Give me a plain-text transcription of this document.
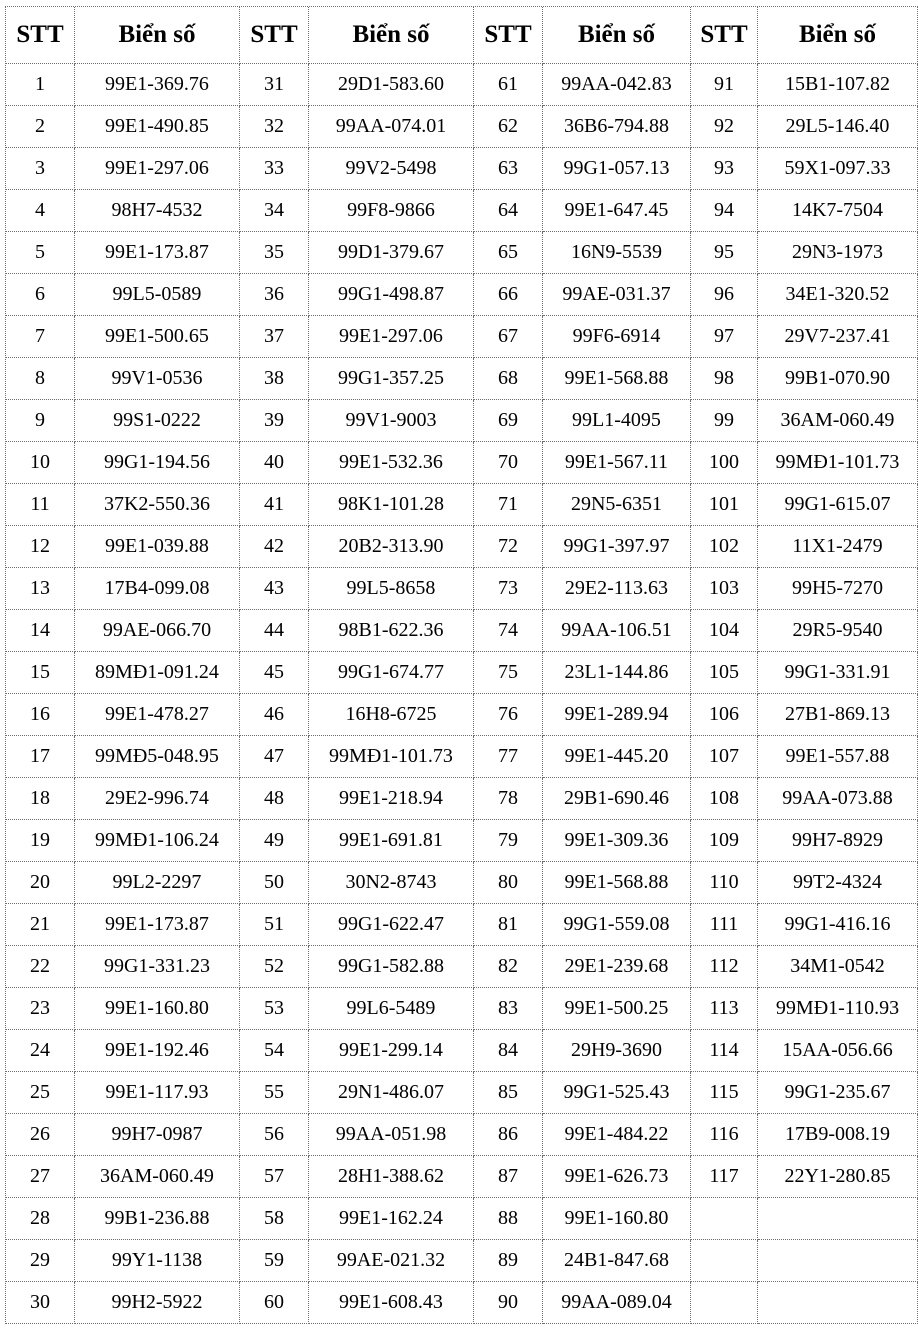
STT	Biển số	STT	Biển số	STT	Biển số	STT	Biển số
1	99E1-369.76	31	29D1-583.60	61	99AA-042.83	91	15B1-107.82
2	99E1-490.85	32	99AA-074.01	62	36B6-794.88	92	29L5-146.40
3	99E1-297.06	33	99V2-5498	63	99G1-057.13	93	59X1-097.33
4	98H7-4532	34	99F8-9866	64	99E1-647.45	94	14K7-7504
5	99E1-173.87	35	99D1-379.67	65	16N9-5539	95	29N3-1973
6	99L5-0589	36	99G1-498.87	66	99AE-031.37	96	34E1-320.52
7	99E1-500.65	37	99E1-297.06	67	99F6-6914	97	29V7-237.41
8	99V1-0536	38	99G1-357.25	68	99E1-568.88	98	99B1-070.90
9	99S1-0222	39	99V1-9003	69	99L1-4095	99	36AM-060.49
10	99G1-194.56	40	99E1-532.36	70	99E1-567.11	100	99MĐ1-101.73
11	37K2-550.36	41	98K1-101.28	71	29N5-6351	101	99G1-615.07
12	99E1-039.88	42	20B2-313.90	72	99G1-397.97	102	11X1-2479
13	17B4-099.08	43	99L5-8658	73	29E2-113.63	103	99H5-7270
14	99AE-066.70	44	98B1-622.36	74	99AA-106.51	104	29R5-9540
15	89MĐ1-091.24	45	99G1-674.77	75	23L1-144.86	105	99G1-331.91
16	99E1-478.27	46	16H8-6725	76	99E1-289.94	106	27B1-869.13
17	99MĐ5-048.95	47	99MĐ1-101.73	77	99E1-445.20	107	99E1-557.88
18	29E2-996.74	48	99E1-218.94	78	29B1-690.46	108	99AA-073.88
19	99MĐ1-106.24	49	99E1-691.81	79	99E1-309.36	109	99H7-8929
20	99L2-2297	50	30N2-8743	80	99E1-568.88	110	99T2-4324
21	99E1-173.87	51	99G1-622.47	81	99G1-559.08	111	99G1-416.16
22	99G1-331.23	52	99G1-582.88	82	29E1-239.68	112	34M1-0542
23	99E1-160.80	53	99L6-5489	83	99E1-500.25	113	99MĐ1-110.93
24	99E1-192.46	54	99E1-299.14	84	29H9-3690	114	15AA-056.66
25	99E1-117.93	55	29N1-486.07	85	99G1-525.43	115	99G1-235.67
26	99H7-0987	56	99AA-051.98	86	99E1-484.22	116	17B9-008.19
27	36AM-060.49	57	28H1-388.62	87	99E1-626.73	117	22Y1-280.85
28	99B1-236.88	58	99E1-162.24	88	99E1-160.80		
29	99Y1-1138	59	99AE-021.32	89	24B1-847.68		
30	99H2-5922	60	99E1-608.43	90	99AA-089.04		
